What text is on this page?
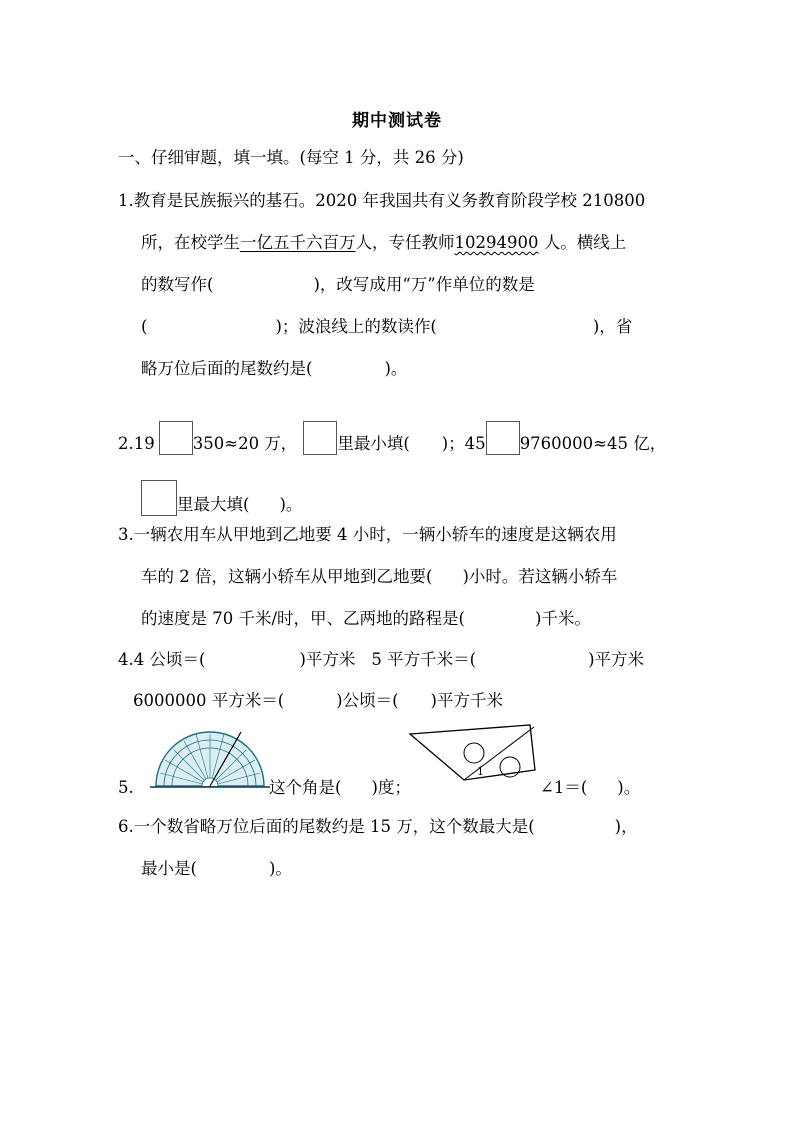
期中测试卷
一、仔细审题，填一填。(每空 1 分，共 26 分)
1.教育是民族振兴的基石。2020 年我国共有义务教育阶段学校 210800
所，在校学生一亿五千六百万人，专任教师10294900 人。横线上
的数写作(	)，改写成用“万”作单位的数是
(	)；波浪线上的数读作(	)，省
略万位后面的尾数约是(	)。
2.19 350≈20 万， 里最小填( )；45 9760000≈45 亿，
里最大填( )。
3.一辆农用车从甲地到乙地要 4 小时，一辆小轿车的速度是这辆农用
车的 2 倍，这辆小轿车从甲地到乙地要( )小时。若这辆小轿车
的速度是 70 千米/时，甲、乙两地的路程是(	)千米。
4.4 公顷＝(	)平方米 5 平方千米＝(	)平方米
6000000 平方米＝(	)公顷＝( )平方千米
5.	这个角是( )度；
1
∠1＝( )。
6.一个数省略万位后面的尾数约是 15 万，这个数最大是(	)，
最小是(	)。
